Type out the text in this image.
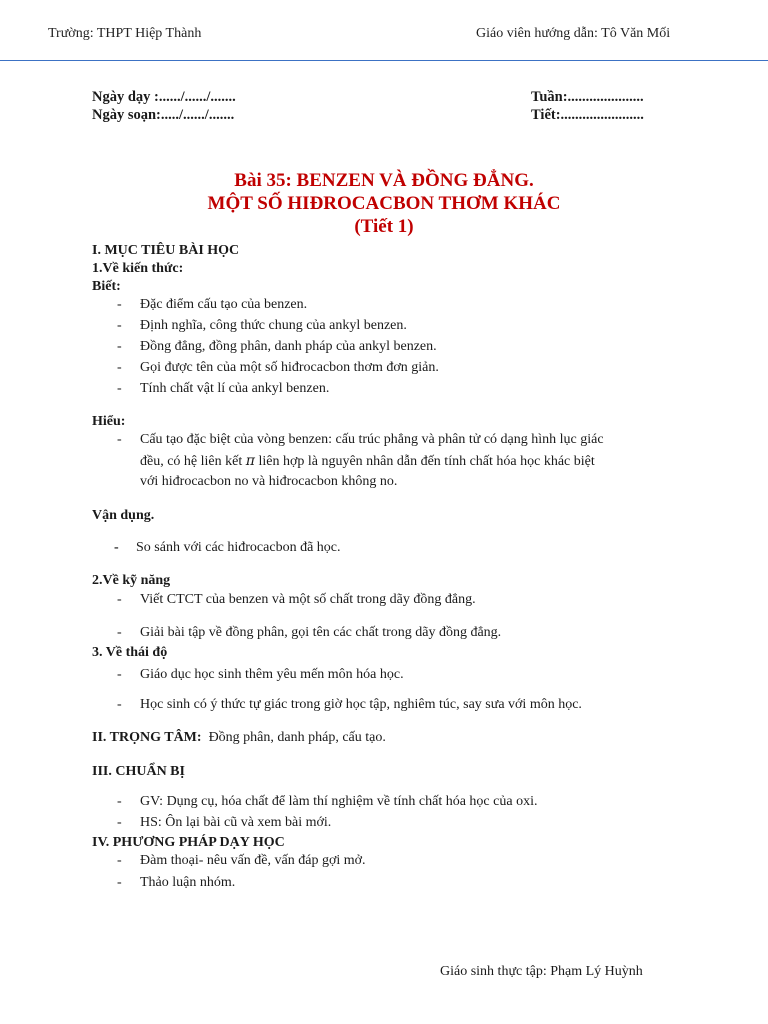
Trường: THPT Hiệp Thành	Giáo viên hướng dẫn: Tô Văn Mối
Ngày dạy :....../....../.......
Ngày soạn:...../....../.......
Tuần:.....................
Tiết:.......................
Bài 35: BENZEN VÀ ĐỒNG ĐẲNG.
MỘT SỐ HIĐROCACBON THƠM KHÁC
(Tiết 1)
I. MỤC TIÊU BÀI HỌC
1.Về kiến thức:
Biết:
- Đặc điểm cấu tạo của benzen.
- Định nghĩa, công thức chung của ankyl benzen.
- Đồng đẳng, đồng phân, danh pháp của ankyl benzen.
- Gọi được tên của một số hiđrocacbon thơm đơn giản.
- Tính chất vật lí của ankyl benzen.
Hiểu:
- Cấu tạo đặc biệt của vòng benzen: cấu trúc phẳng và phân tử có dạng hình lục giác
đều, có hệ liên kết π liên hợp là nguyên nhân dẫn đến tính chất hóa học khác biệt
với hiđrocacbon no và hiđrocacbon không no.
Vận dụng.
- So sánh với các hiđrocacbon đã học.
2.Về kỹ năng
- Viết CTCT của benzen và một số chất trong dãy đồng đẳng.
- Giải bài tập về đồng phân, gọi tên các chất trong dãy đồng đẳng.
3. Về thái độ
- Giáo dục học sinh thêm yêu mến môn hóa học.
- Học sinh có ý thức tự giác trong giờ học tập, nghiêm túc, say sưa với môn học.
II. TRỌNG TÂM: Đồng phân, danh pháp, cấu tạo.
III. CHUẨN BỊ
- GV: Dụng cụ, hóa chất để làm thí nghiệm về tính chất hóa học của oxi.
- HS: Ôn lại bài cũ và xem bài mới.
IV. PHƯƠNG PHÁP DẠY HỌC
- Đàm thoại- nêu vấn đề, vấn đáp gợi mở.
- Thảo luận nhóm.
Giáo sinh thực tập: Phạm Lý Huỳnh
